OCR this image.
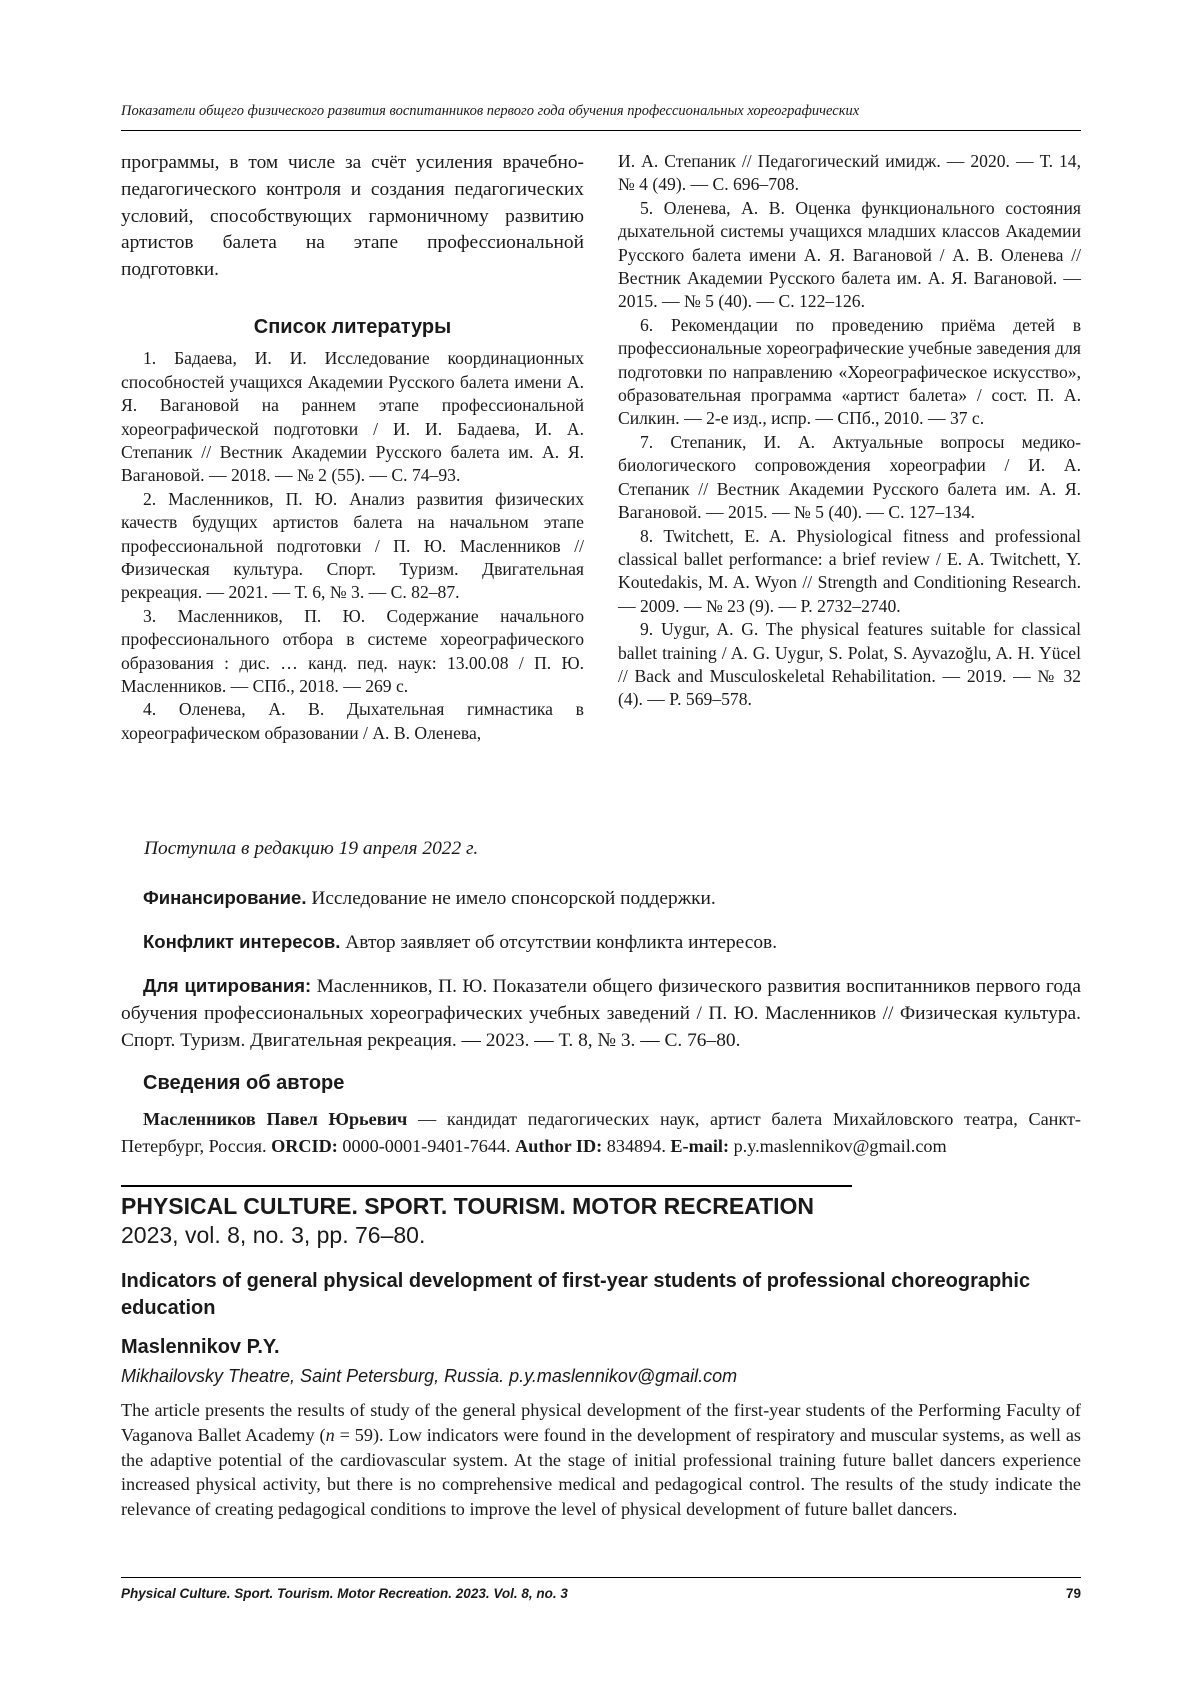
Показатели общего физического развития воспитанников первого года обучения профессиональных хореографических

программы, в том числе за счёт усиления врачебно-педагогического контроля и создания педагогических условий, способствующих гармоничному развитию артистов балета на этапе профессиональной подготовки.

Список литературы

1. Бадаева, И. И. Исследование координационных способностей учащихся Академии Русского балета имени А. Я. Вагановой на раннем этапе профессиональной хореографической подготовки / И. И. Бадаева, И. А. Степаник // Вестник Академии Русского балета им. А. Я. Вагановой. — 2018. — № 2 (55). — С. 74–93.

2. Масленников, П. Ю. Анализ развития физических качеств будущих артистов балета на начальном этапе профессиональной подготовки / П. Ю. Масленников // Физическая культура. Спорт. Туризм. Двигательная рекреация. — 2021. — Т. 6, № 3. — С. 82–87.

3. Масленников, П. Ю. Содержание начального профессионального отбора в системе хореографического образования : дис. … канд. пед. наук: 13.00.08 / П. Ю. Масленников. — СПб., 2018. — 269 с.

4. Оленева, А. В. Дыхательная гимнастика в хореографическом образовании / А. В. Оленева,

И. А. Степаник // Педагогический имидж. — 2020. — Т. 14, № 4 (49). — С. 696–708.

5. Оленева, А. В. Оценка функционального состояния дыхательной системы учащихся младших классов Академии Русского балета имени А. Я. Вагановой / А. В. Оленева // Вестник Академии Русского балета им. А. Я. Вагановой. — 2015. — № 5 (40). — С. 122–126.

6. Рекомендации по проведению приёма детей в профессиональные хореографические учебные заведения для подготовки по направлению «Хореографическое искусство», образовательная программа «артист балета» / сост. П. А. Силкин. — 2-е изд., испр. — СПб., 2010. — 37 с.

7. Степаник, И. А. Актуальные вопросы медико-биологического сопровождения хореографии / И. А. Степаник // Вестник Академии Русского балета им. А. Я. Вагановой. — 2015. — № 5 (40). — С. 127–134.

8. Twitchett, E. A. Physiological fitness and professional classical ballet performance: a brief review / E. A. Twitchett, Y. Koutedakis, M. A. Wyon // Strength and Conditioning Research. — 2009. — № 23 (9). — P. 2732–2740.

9. Uygur, A. G. The physical features suitable for classical ballet training / A. G. Uygur, S. Polat, S. Ayvazoğlu, A. H. Yücel // Back and Musculoskeletal Rehabilitation. — 2019. — № 32 (4). — P. 569–578.

Поступила в редакцию 19 апреля 2022 г.
Финансирование. Исследование не имело спонсорской поддержки.
Конфликт интересов. Автор заявляет об отсутствии конфликта интересов.
Для цитирования: Масленников, П. Ю. Показатели общего физического развития воспитанников первого года обучения профессиональных хореографических учебных заведений / П. Ю. Масленников // Физическая культура. Спорт. Туризм. Двигательная рекреация. — 2023. — Т. 8, № 3. — С. 76–80.
Сведения об авторе
Масленников Павел Юрьевич — кандидат педагогических наук, артист балета Михайловского театра, Санкт-Петербург, Россия. ORCID: 0000-0001-9401-7644. Author ID: 834894. E-mail: p.y.maslennikov@gmail.com
PHYSICAL CULTURE. SPORT. TOURISM. MOTOR RECREATION
2023, vol. 8, no. 3, pp. 76–80.
Indicators of general physical development of first-year students of professional choreographic education
Maslennikov P.Y.
Mikhailovsky Theatre, Saint Petersburg, Russia. p.y.maslennikov@gmail.com
The article presents the results of study of the general physical development of the first-year students of the Performing Faculty of Vaganova Ballet Academy (n = 59). Low indicators were found in the development of respiratory and muscular systems, as well as the adaptive potential of the cardiovascular system. At the stage of initial professional training future ballet dancers experience increased physical activity, but there is no comprehensive medical and pedagogical control. The results of the study indicate the relevance of creating pedagogical conditions to improve the level of physical development of future ballet dancers.
Physical Culture. Sport. Tourism. Motor Recreation. 2023. Vol. 8, no. 3	79
